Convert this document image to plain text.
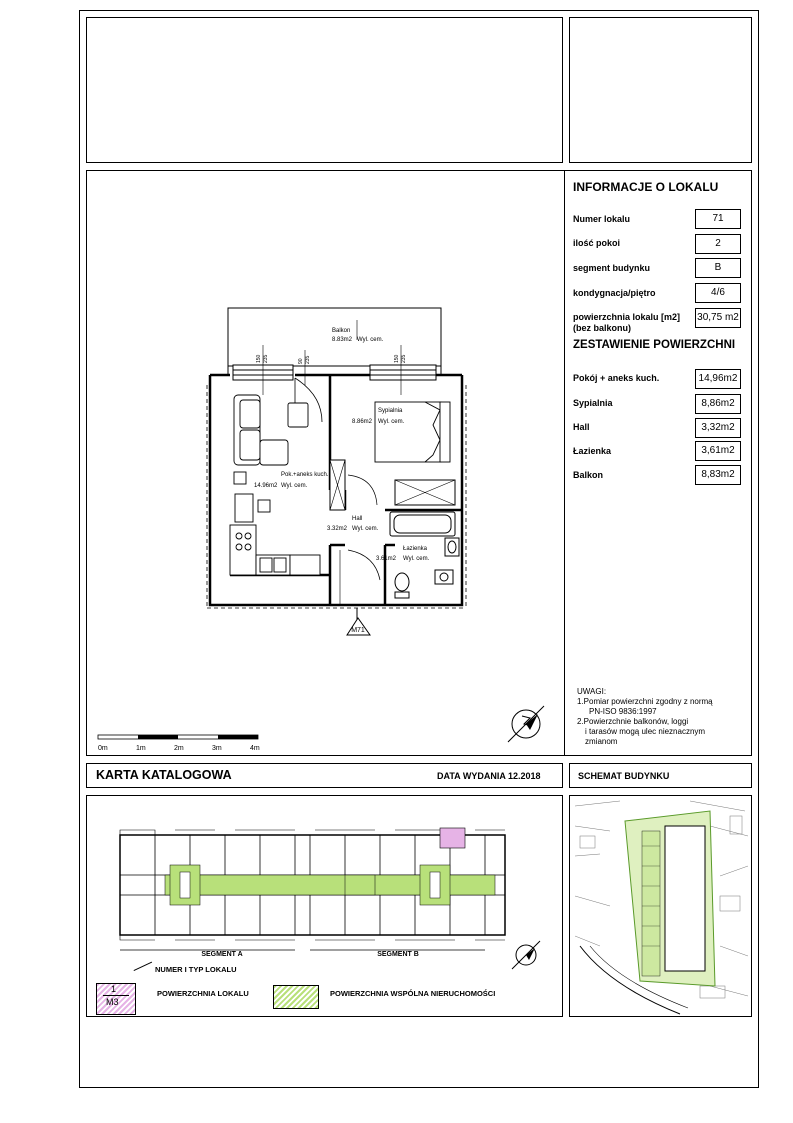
INFORMACJE O LOKALU
Numer lokalu	71
ilość pokoi	2
segment budynku	B
kondygnacja/piętro	4/6
powierzchnia lokalu [m2]
(bez balkonu)
30,75 m2
ZESTAWIENIE POWIERZCHNI
Pokój + aneks kuch.	14,96m2
Sypialnia	8,86m2
Hall	3,32m2
Łazienka	3,61m2
Balkon	8,83m2
UWAGI:
1.Pomiar powierzchni zgodny z normą
PN-ISO 9836:1997
2.Powierzchnie balkonów, loggi
i tarasów mogą ulec nieznacznym
zmianom
M71
Balkon
8.83m2 Wyl. cem.
Sypialnia
8.86m2 Wyl. cem.
Pok.+aneks kuch.
14.96m2 Wyl. cem.
Hall
3.32m2 Wyl. cem.
Łazienka
3.61m2 Wyl. cem.
150 235	90 235	150 235
0m	1m	2m	3m	4m
KARTA KATALOGOWA	DATA WYDANIA 12.2018	SCHEMAT BUDYNKU
SEGMENT A	SEGMENT B
1
M3
NUMER I TYP LOKALU
POWIERZCHNIA LOKALU	POWIERZCHNIA WSPÓLNA NIERUCHOMOŚCI
